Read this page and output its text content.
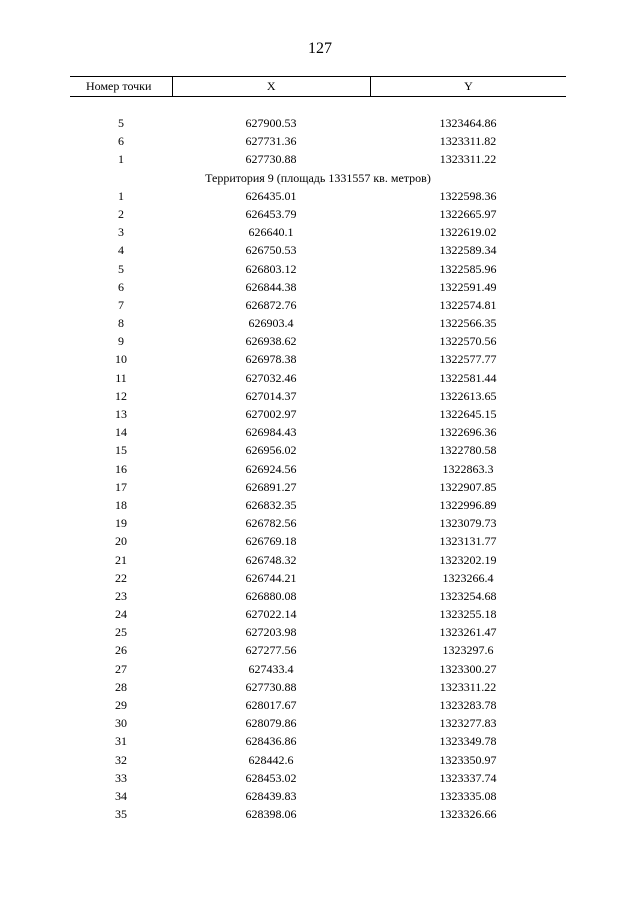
127
Номер точки	X	Y
5	627900.53	1323464.86
6	627731.36	1323311.82
1	627730.88	1323311.22
Территория 9 (площадь 1331557 кв. метров)
1	626435.01	1322598.36
2	626453.79	1322665.97
3	626640.1	1322619.02
4	626750.53	1322589.34
5	626803.12	1322585.96
6	626844.38	1322591.49
7	626872.76	1322574.81
8	626903.4	1322566.35
9	626938.62	1322570.56
10	626978.38	1322577.77
11	627032.46	1322581.44
12	627014.37	1322613.65
13	627002.97	1322645.15
14	626984.43	1322696.36
15	626956.02	1322780.58
16	626924.56	1322863.3
17	626891.27	1322907.85
18	626832.35	1322996.89
19	626782.56	1323079.73
20	626769.18	1323131.77
21	626748.32	1323202.19
22	626744.21	1323266.4
23	626880.08	1323254.68
24	627022.14	1323255.18
25	627203.98	1323261.47
26	627277.56	1323297.6
27	627433.4	1323300.27
28	627730.88	1323311.22
29	628017.67	1323283.78
30	628079.86	1323277.83
31	628436.86	1323349.78
32	628442.6	1323350.97
33	628453.02	1323337.74
34	628439.83	1323335.08
35	628398.06	1323326.66
